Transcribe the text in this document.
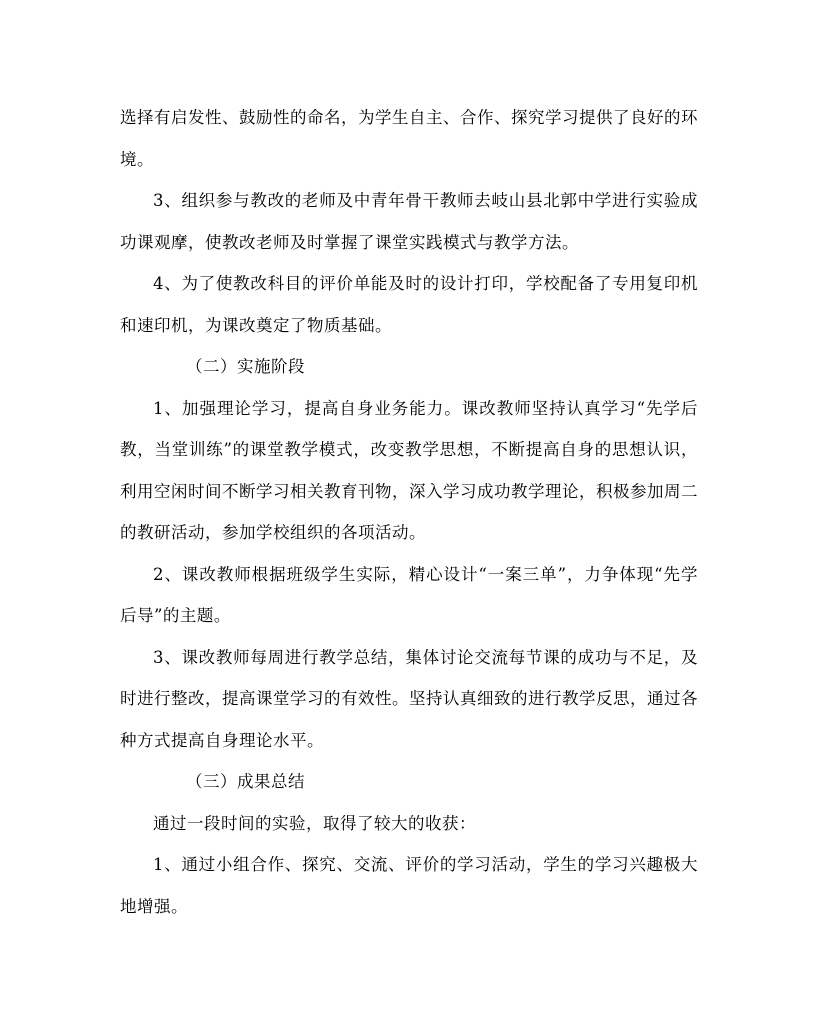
选择有启发性、鼓励性的命名，为学生自主、合作、探究学习提供了良好的环境。

3、组织参与教改的老师及中青年骨干教师去岐山县北郭中学进行实验成功课观摩，使教改老师及时掌握了课堂实践模式与教学方法。

4、为了使教改科目的评价单能及时的设计打印，学校配备了专用复印机和速印机，为课改奠定了物质基础。

（二）实施阶段

1、加强理论学习，提高自身业务能力。课改教师坚持认真学习“先学后教，当堂训练”的课堂教学模式，改变教学思想，不断提高自身的思想认识，利用空闲时间不断学习相关教育刊物，深入学习成功教学理论，积极参加周二的教研活动，参加学校组织的各项活动。

2、课改教师根据班级学生实际，精心设计“一案三单”，力争体现“先学后导”的主题。

3、课改教师每周进行教学总结，集体讨论交流每节课的成功与不足，及时进行整改，提高课堂学习的有效性。坚持认真细致的进行教学反思，通过各种方式提高自身理论水平。

（三）成果总结

通过一段时间的实验，取得了较大的收获：

1、通过小组合作、探究、交流、评价的学习活动，学生的学习兴趣极大地增强。
